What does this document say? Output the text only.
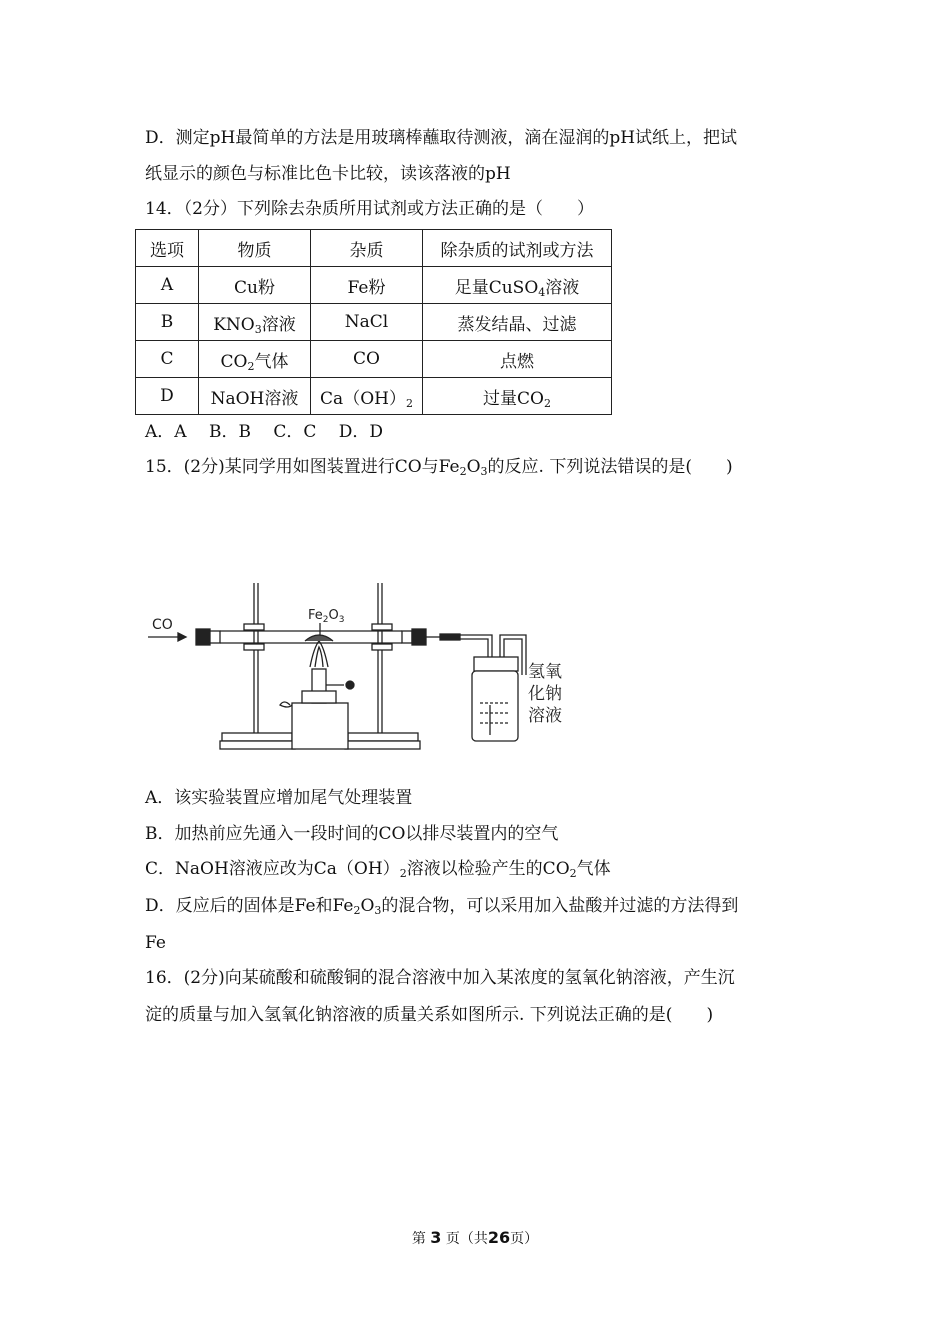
D．测定pH最简单的方法是用玻璃棒蘸取待测液，滴在湿润的pH试纸上，把试
纸显示的颜色与标准比色卡比较，读该落液的pH
14．（2分）下列除去杂质所用试剂或方法正确的是（　　）
选项	物质	杂质	除杂质的试剂或方法
A	Cu粉	Fe粉	足量CuSO$_4$溶液
B	$KNO_3$溶液	NaCl	蒸发结晶、过滤
C	$CO_2$气体	CO	点燃
D	NaOH溶液	$Ca(OH)_2$	过量$CO_2$
A．A　 B．B　 C．C　 D．D
15．(2分)某同学用如图装置进行CO与$Fe_2O_3$的反应. 下列说法错误的是(　　)
CO
$Fe_2O_3$
氢氧
化钠
溶液
A．该实验装置应增加尾气处理装置
B．加热前应先通入一段时间的CO以排尽装置内的空气
C．NaOH溶液应改为$Ca(OH)_2$溶液以检验产生的$CO_2$气体
D．反应后的固体是Fe和$Fe_2O_3$的混合物，可以采用加入盐酸并过滤的方法得到
Fe
16．(2分)向某硫酸和硫酸铜的混合溶液中加入某浓度的氢氧化钠溶液，产生沉
淀的质量与加入氢氧化钠溶液的质量关系如图所示. 下列说法正确的是(　　)
第 3 页（共26页）
